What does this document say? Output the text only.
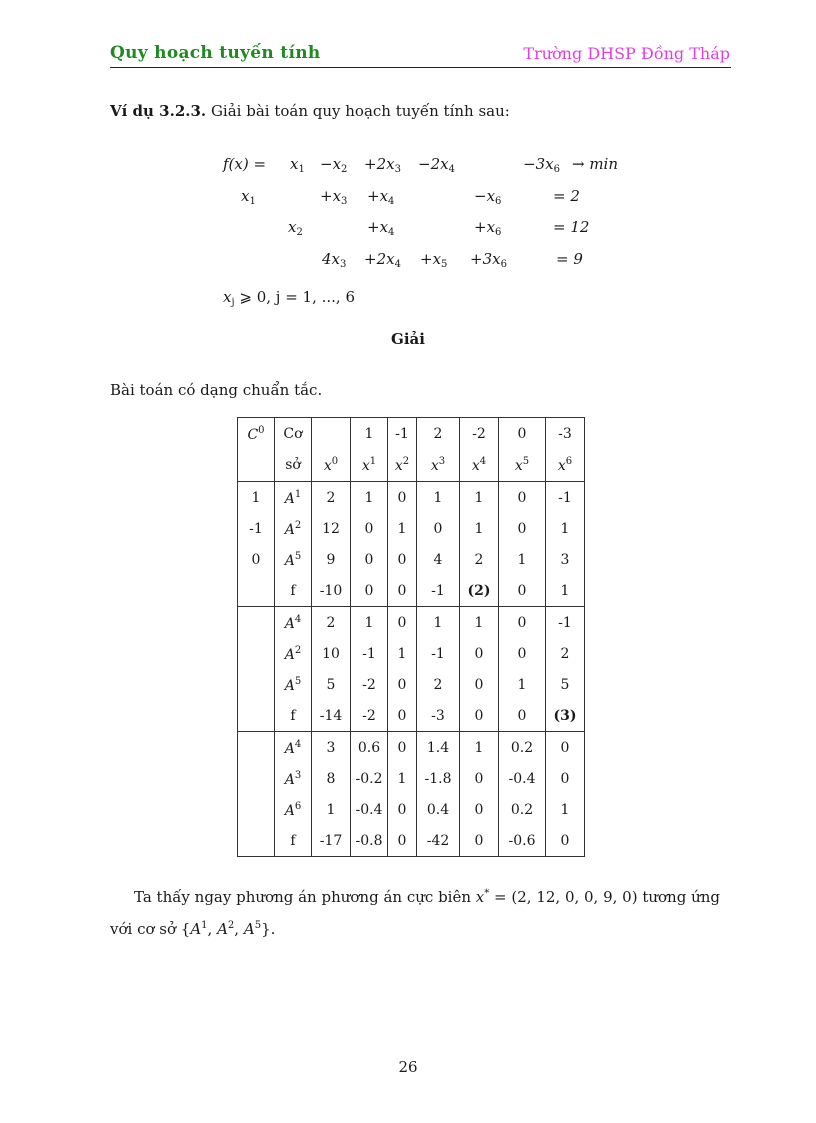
Quy hoạch tuyến tính	Trường DHSP Đồng Tháp
Ví dụ 3.2.3. Giải bài toán quy hoạch tuyến tính sau:
$f(x) = x_1 -x_2 +2x_3 -2x_4$	$-3x_6 \to \min$
$x_1$	$+x_3 +x_4$	$-x_6$	= 2
$x_2$	$+x_4$	$+x_6$	= 12
$4x_3 +2x_4 +x_5 +3x_6$	= 9
$x_j$ ⩾ 0, j = 1, ..., 6
Giải
Bài toán có dạng chuẩn tắc.
$C^0$	Cơ		1	-1	2	-2	0	-3
	sở	$x^0$	$x^1$	$x^2$	$x^3$	$x^4$	$x^5$	$x^6$
1	$A^1$	2	1	0	1	1	0	-1
-1	$A^2$	12	0	1	0	1	0	1
0	$A^5$	9	0	0	4	2	1	3
	f	-10	0	0	-1	(2)	0	1
	$A^4$	2	1	0	1	1	0	-1
	$A^2$	10	-1	1	-1	0	0	2
	$A^5$	5	-2	0	2	0	1	5
	f	-14	-2	0	-3	0	0	(3)
	$A^4$	3	0.6	0	1.4	1	0.2	0
	$A^3$	8	-0.2	1	-1.8	0	-0.4	0
	$A^6$	1	-0.4	0	0.4	0	0.2	1
	f	-17	-0.8	0	-42	0	-0.6	0
Ta thấy ngay phương án phương án cực biên x* = (2, 12, 0, 0, 9, 0) tương ứng
với cơ sở {$A^1$, $A^2$, $A^5$}.
26
